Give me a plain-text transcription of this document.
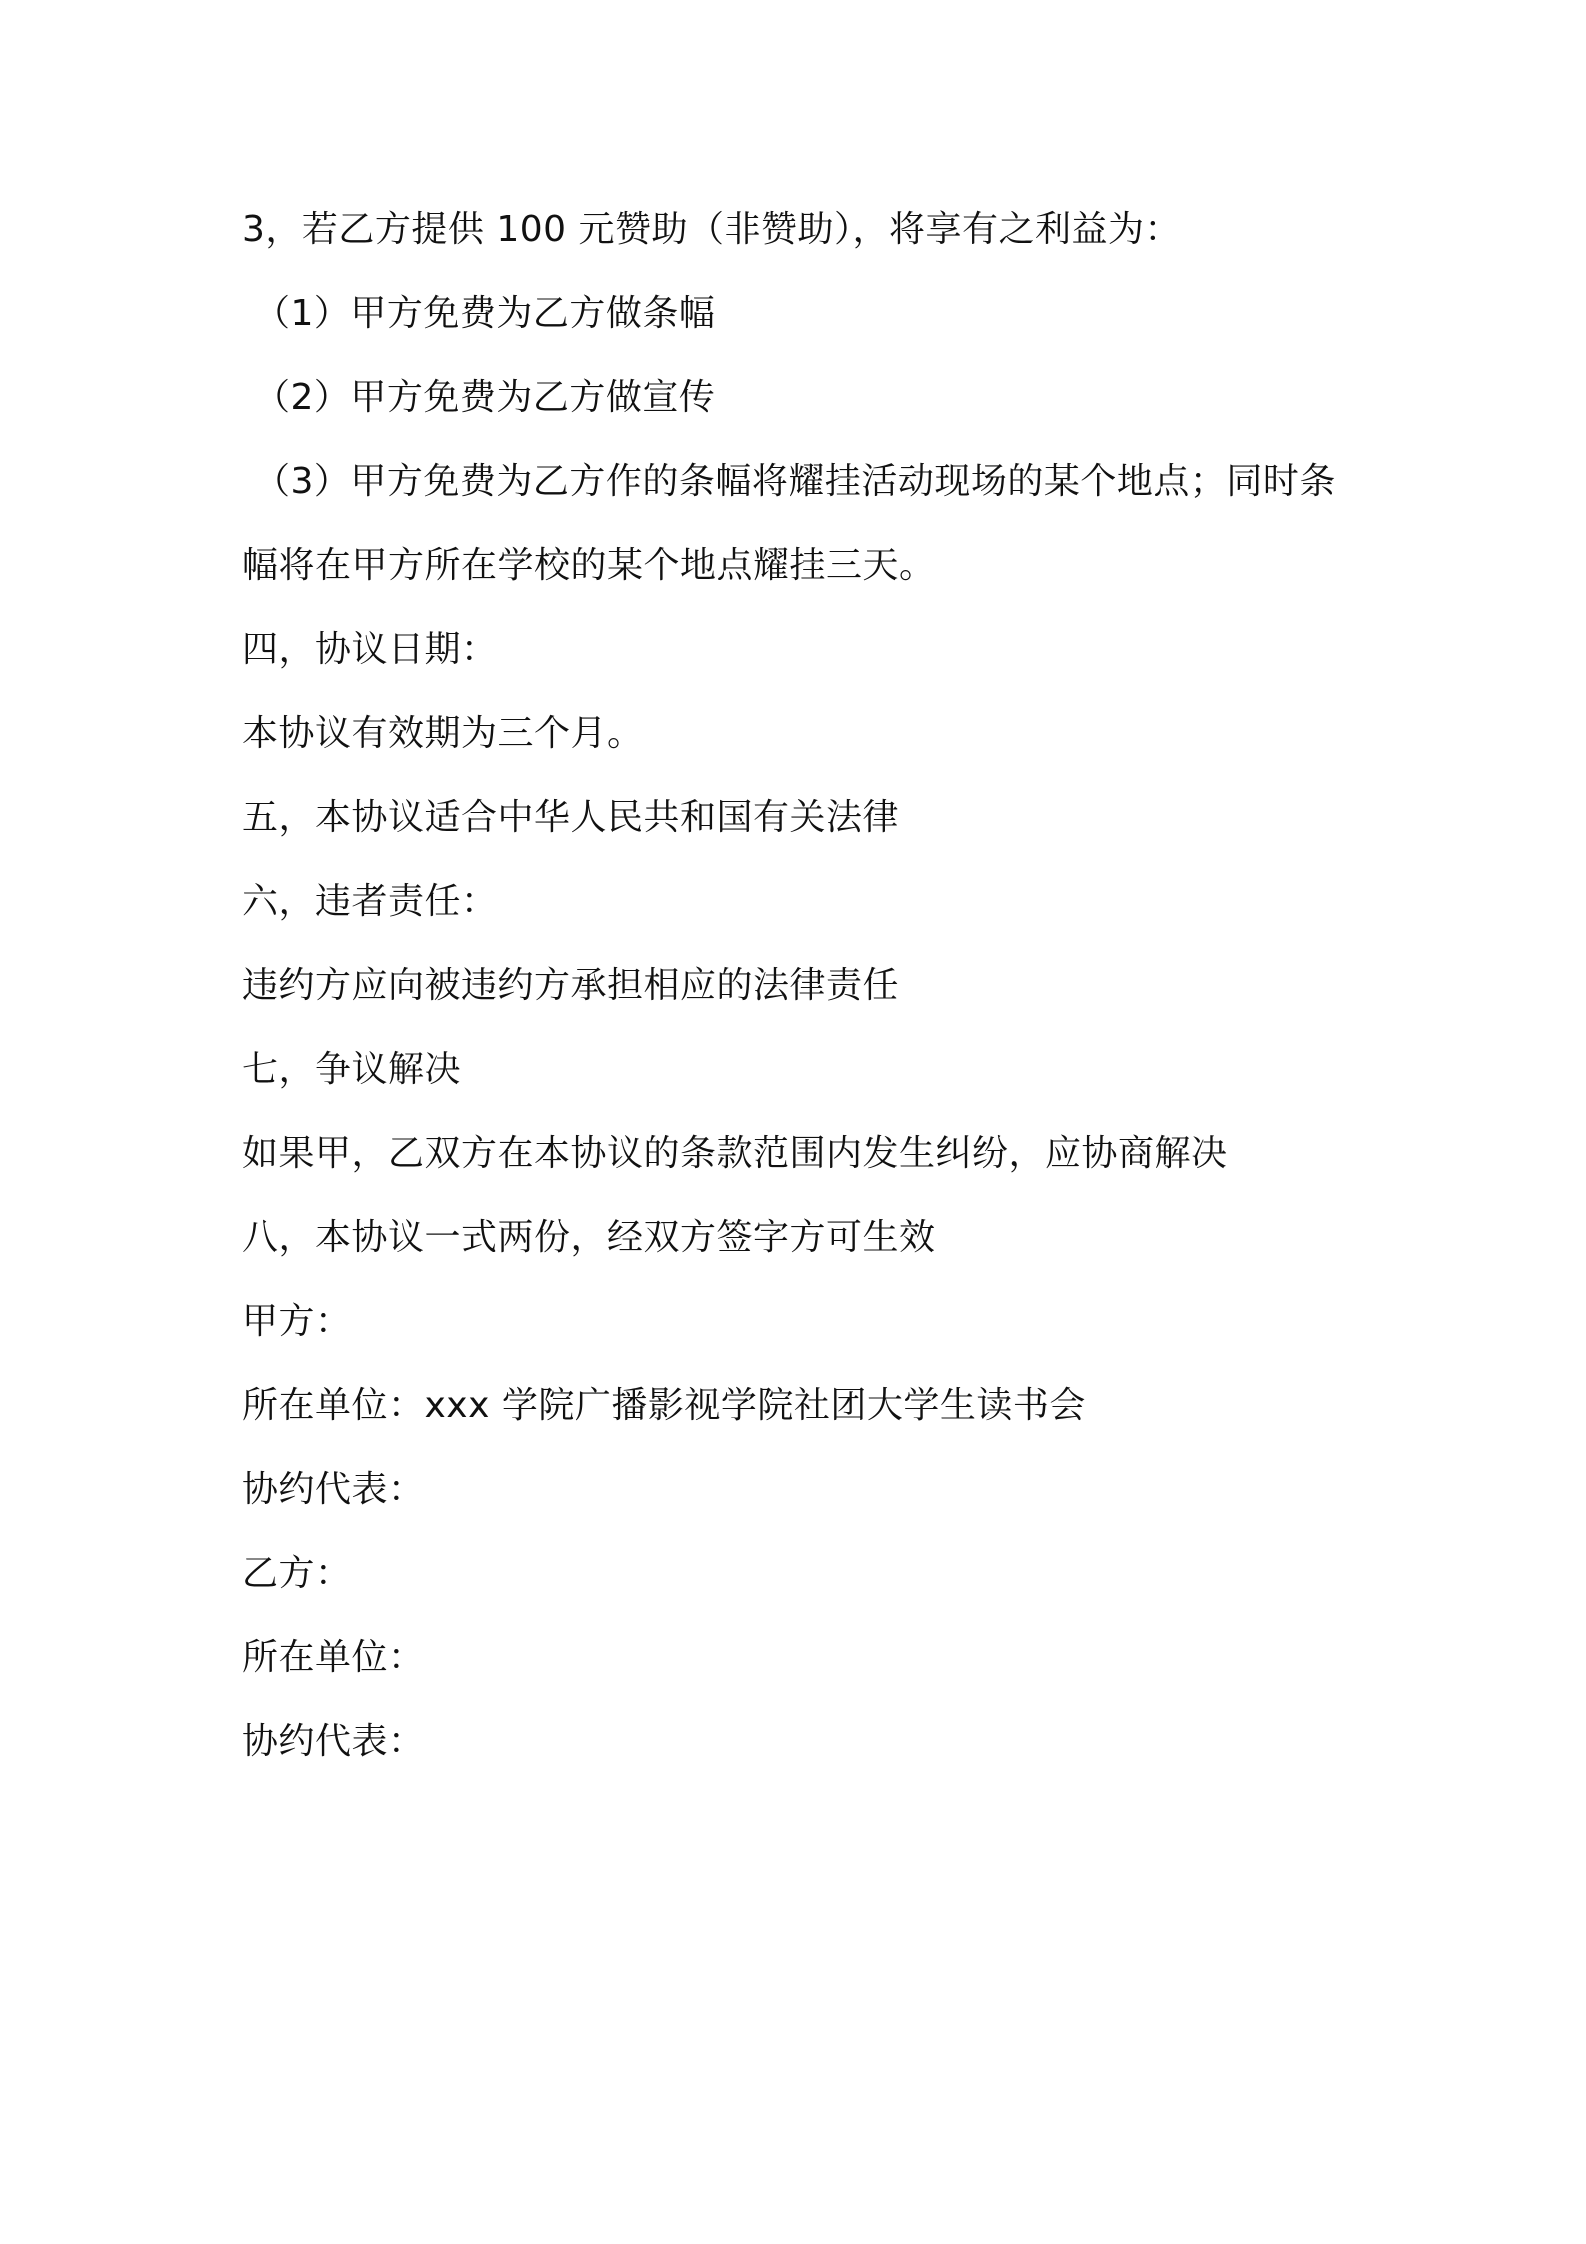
3，若乙方提供 100 元赞助（非赞助），将享有之利益为：

（1）甲方免费为乙方做条幅

（2）甲方免费为乙方做宣传

（3）甲方免费为乙方作的条幅将耀挂活动现场的某个地点；同时条

幅将在甲方所在学校的某个地点耀挂三天。

四，协议日期：

本协议有效期为三个月。

五，本协议适合中华人民共和国有关法律

六，违者责任：

违约方应向被违约方承担相应的法律责任

七，争议解决

如果甲，乙双方在本协议的条款范围内发生纠纷，应协商解决

八，本协议一式两份，经双方签字方可生效

甲方：

所在单位：xxx 学院广播影视学院社团大学生读书会

协约代表：

乙方：

所在单位：

协约代表：
